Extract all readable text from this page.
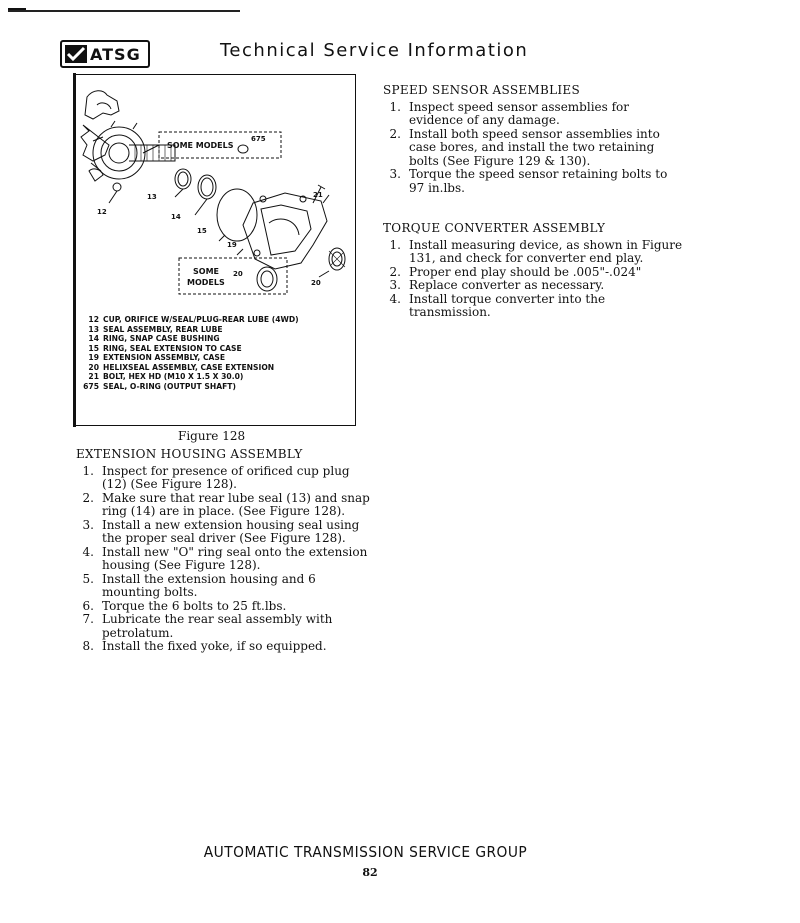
ATSG	Technical Service Information
SOME MODELS
675
12
13
14
15
19
21
20
SOME
MODELS
20
12 CUP, ORIFICE W/SEAL/PLUG-REAR LUBE (4WD)
13 SEAL ASSEMBLY, REAR LUBE
14 RING, SNAP CASE BUSHING
15 RING, SEAL EXTENSION TO CASE
19 EXTENSION ASSEMBLY, CASE
20 HELIXSEAL ASSEMBLY, CASE EXTENSION
21 BOLT, HEX HD (M10 X 1.5 X 30.0)
675 SEAL, O-RING (OUTPUT SHAFT)
Figure 128
EXTENSION HOUSING ASSEMBLY
1. Inspect for presence of orificed cup plug (12) (See Figure 128).
2. Make sure that rear lube seal (13) and snap ring (14) are in place. (See Figure 128).
3. Install a new extension housing seal using the proper seal driver (See Figure 128).
4. Install new "O" ring seal onto the extension housing (See Figure 128).
5. Install the extension housing and 6 mounting bolts.
6. Torque the 6 bolts to 25 ft.lbs.
7. Lubricate the rear seal assembly with petrolatum.
8. Install the fixed yoke, if so equipped.
SPEED SENSOR ASSEMBLIES
1. Inspect speed sensor assemblies for evidence of any damage.
2. Install both speed sensor assemblies into case bores, and install the two retaining bolts (See Figure 129 & 130).
3. Torque the speed sensor retaining bolts to 97 in.lbs.
TORQUE CONVERTER ASSEMBLY
1. Install measuring device, as shown in Figure 131, and check for converter end play.
2. Proper end play should be .005"-.024"
3. Replace converter as necessary.
4. Install torque converter into the transmission.
AUTOMATIC TRANSMISSION SERVICE GROUP
82
